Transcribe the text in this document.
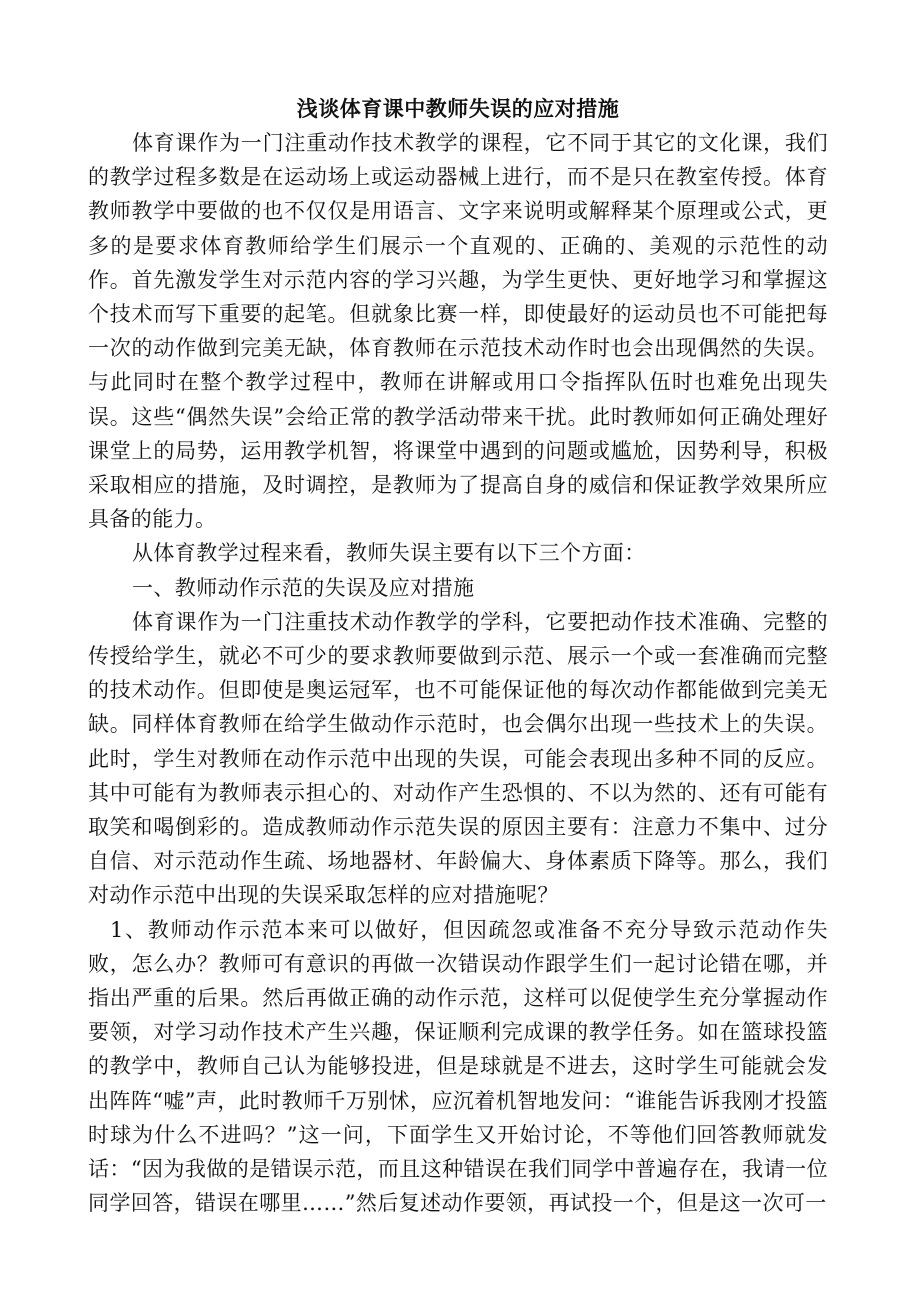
浅谈体育课中教师失误的应对措施

体育课作为一门注重动作技术教学的课程，它不同于其它的文化课，我们的教学过程多数是在运动场上或运动器械上进行，而不是只在教室传授。体育教师教学中要做的也不仅仅是用语言、文字来说明或解释某个原理或公式，更多的是要求体育教师给学生们展示一个直观的、正确的、美观的示范性的动作。首先激发学生对示范内容的学习兴趣，为学生更快、更好地学习和掌握这个技术而写下重要的起笔。但就象比赛一样，即使最好的运动员也不可能把每一次的动作做到完美无缺，体育教师在示范技术动作时也会出现偶然的失误。与此同时在整个教学过程中，教师在讲解或用口令指挥队伍时也难免出现失误。这些“偶然失误”会给正常的教学活动带来干扰。此时教师如何正确处理好课堂上的局势，运用教学机智，将课堂中遇到的问题或尴尬，因势利导，积极采取相应的措施，及时调控，是教师为了提高自身的威信和保证教学效果所应具备的能力。

从体育教学过程来看，教师失误主要有以下三个方面：

一、教师动作示范的失误及应对措施

体育课作为一门注重技术动作教学的学科，它要把动作技术准确、完整的传授给学生，就必不可少的要求教师要做到示范、展示一个或一套准确而完整的技术动作。但即使是奥运冠军，也不可能保证他的每次动作都能做到完美无缺。同样体育教师在给学生做动作示范时，也会偶尔出现一些技术上的失误。此时，学生对教师在动作示范中出现的失误，可能会表现出多种不同的反应。其中可能有为教师表示担心的、对动作产生恐惧的、不以为然的、还有可能有取笑和喝倒彩的。造成教师动作示范失误的原因主要有：注意力不集中、过分自信、对示范动作生疏、场地器材、年龄偏大、身体素质下降等。那么，我们对动作示范中出现的失误采取怎样的应对措施呢？

1、教师动作示范本来可以做好，但因疏忽或准备不充分导致示范动作失败，怎么办？教师可有意识的再做一次错误动作跟学生们一起讨论错在哪，并指出严重的后果。然后再做正确的动作示范，这样可以促使学生充分掌握动作要领，对学习动作技术产生兴趣，保证顺利完成课的教学任务。如在篮球投篮的教学中，教师自己认为能够投进，但是球就是不进去，这时学生可能就会发出阵阵“嘘”声，此时教师千万别怵，应沉着机智地发问：“谁能告诉我刚才投篮时球为什么不进吗？”这一问，下面学生又开始讨论，不等他们回答教师就发话：“因为我做的是错误示范，而且这种错误在我们同学中普遍存在，我请一位同学回答，错误在哪里……”然后复述动作要领，再试投一个，但是这一次可一
